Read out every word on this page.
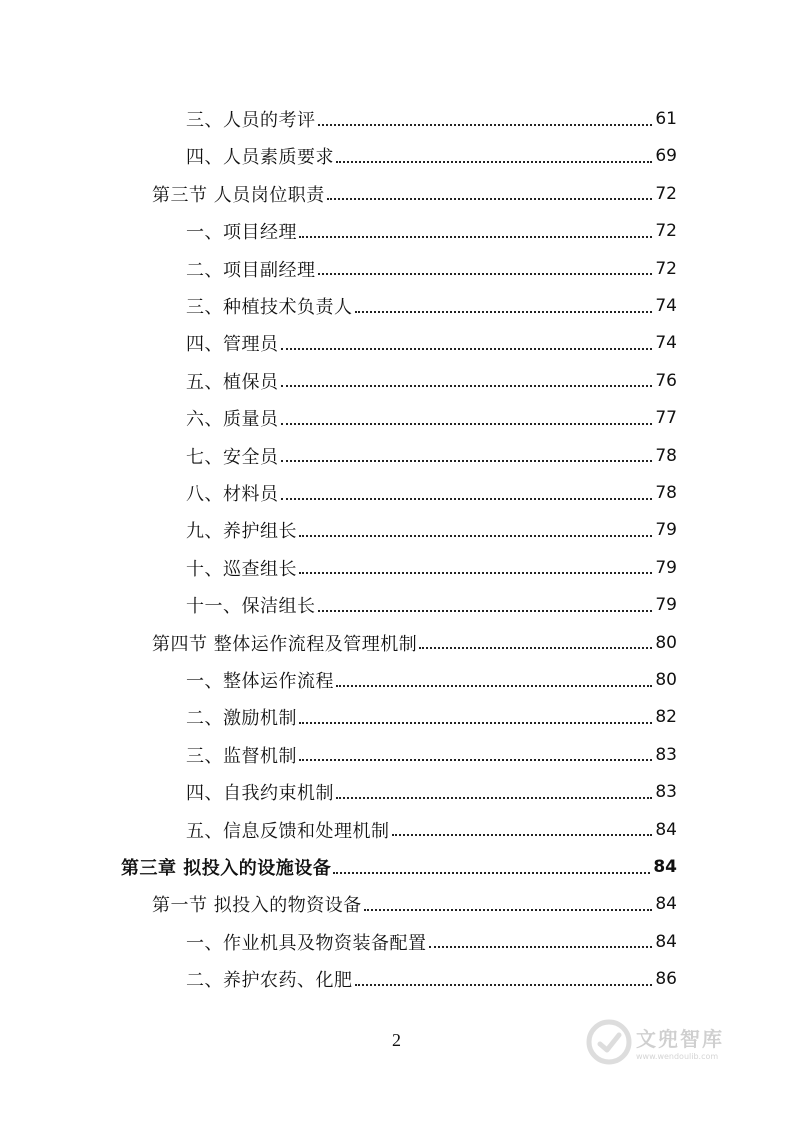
三、人员的考评	61
四、人员素质要求	69
第三节 人员岗位职责	72
一、项目经理	72
二、项目副经理	72
三、种植技术负责人	74
四、管理员	74
五、植保员	76
六、质量员	77
七、安全员	78
八、材料员	78
九、养护组长	79
十、巡查组长	79
十一、保洁组长	79
第四节 整体运作流程及管理机制	80
一、整体运作流程	80
二、激励机制	82
三、监督机制	83
四、自我约束机制	83
五、信息反馈和处理机制	84
第三章 拟投入的设施设备	84
第一节 拟投入的物资设备	84
一、作业机具及物资装备配置	84
二、养护农药、化肥	86
2	文兜智库
www.wendoulib.com
